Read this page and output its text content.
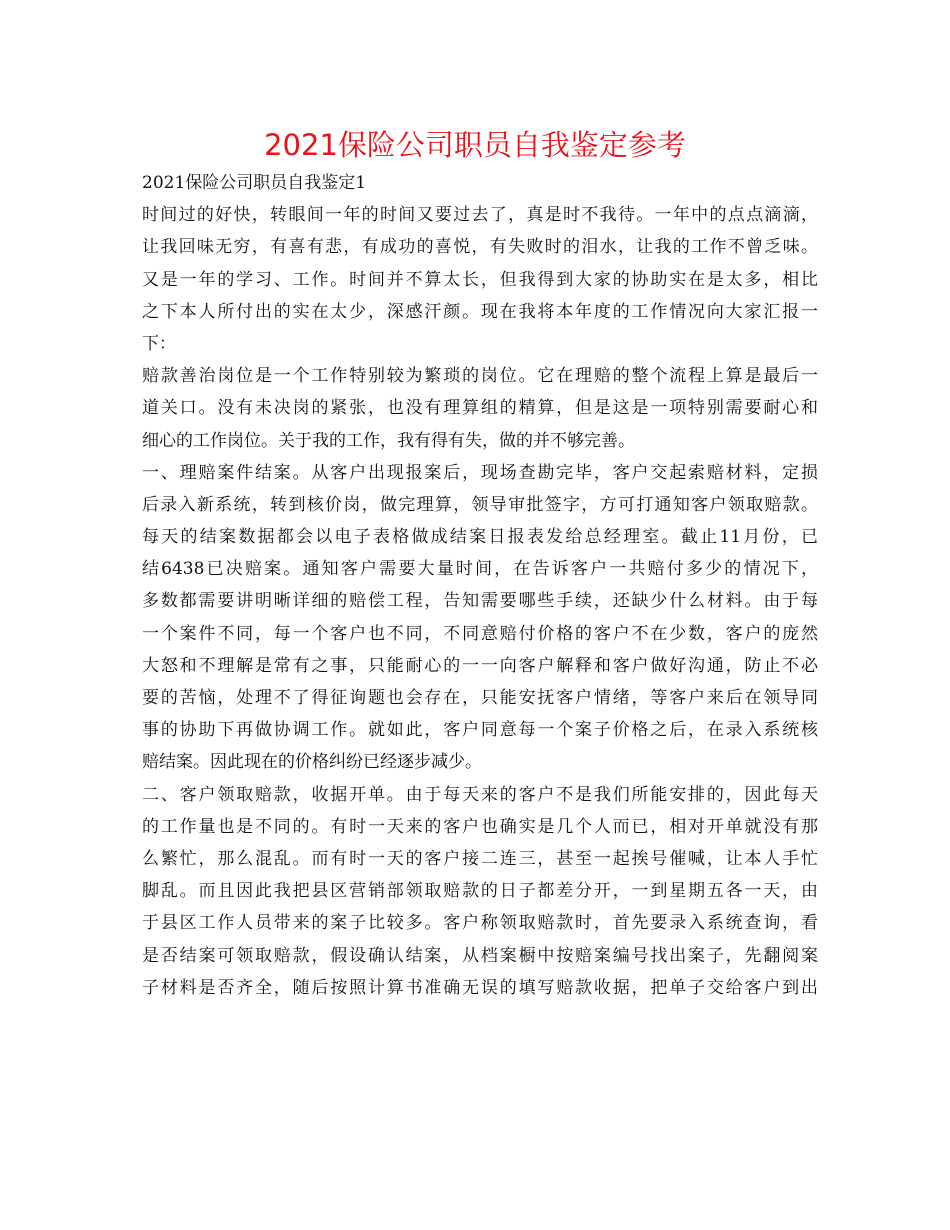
2021保险公司职员自我鉴定参考
2021保险公司职员自我鉴定1
时间过的好快，转眼间一年的时间又要过去了，真是时不我待。一年中的点点滴滴，
让我回味无穷，有喜有悲，有成功的喜悦，有失败时的泪水，让我的工作不曾乏味。
又是一年的学习、工作。时间并不算太长，但我得到大家的协助实在是太多，相比
之下本人所付出的实在太少，深感汗颜。现在我将本年度的工作情况向大家汇报一
下：
赔款善治岗位是一个工作特别较为繁琐的岗位。它在理赔的整个流程上算是最后一
道关口。没有未决岗的紧张，也没有理算组的精算，但是这是一项特别需要耐心和
细心的工作岗位。关于我的工作，我有得有失，做的并不够完善。
一、理赔案件结案。从客户出现报案后，现场查勘完毕，客户交起索赔材料，定损
后录入新系统，转到核价岗，做完理算，领导审批签字，方可打通知客户领取赔款。
每天的结案数据都会以电子表格做成结案日报表发给总经理室。截止11月份，已
结6438已决赔案。通知客户需要大量时间，在告诉客户一共赔付多少的情况下，
多数都需要讲明晰详细的赔偿工程，告知需要哪些手续，还缺少什么材料。由于每
一个案件不同，每一个客户也不同，不同意赔付价格的客户不在少数，客户的庞然
大怒和不理解是常有之事，只能耐心的一一向客户解释和客户做好沟通，防止不必
要的苦恼，处理不了得征询题也会存在，只能安抚客户情绪，等客户来后在领导同
事的协助下再做协调工作。就如此，客户同意每一个案子价格之后，在录入系统核
赔结案。因此现在的价格纠纷已经逐步减少。
二、客户领取赔款，收据开单。由于每天来的客户不是我们所能安排的，因此每天
的工作量也是不同的。有时一天来的客户也确实是几个人而已，相对开单就没有那
么繁忙，那么混乱。而有时一天的客户接二连三，甚至一起挨号催喊，让本人手忙
脚乱。而且因此我把县区营销部领取赔款的日子都差分开，一到星期五各一天，由
于县区工作人员带来的案子比较多。客户称领取赔款时，首先要录入系统查询，看
是否结案可领取赔款，假设确认结案，从档案橱中按赔案编号找出案子，先翻阅案
子材料是否齐全，随后按照计算书准确无误的填写赔款收据，把单子交给客户到出
